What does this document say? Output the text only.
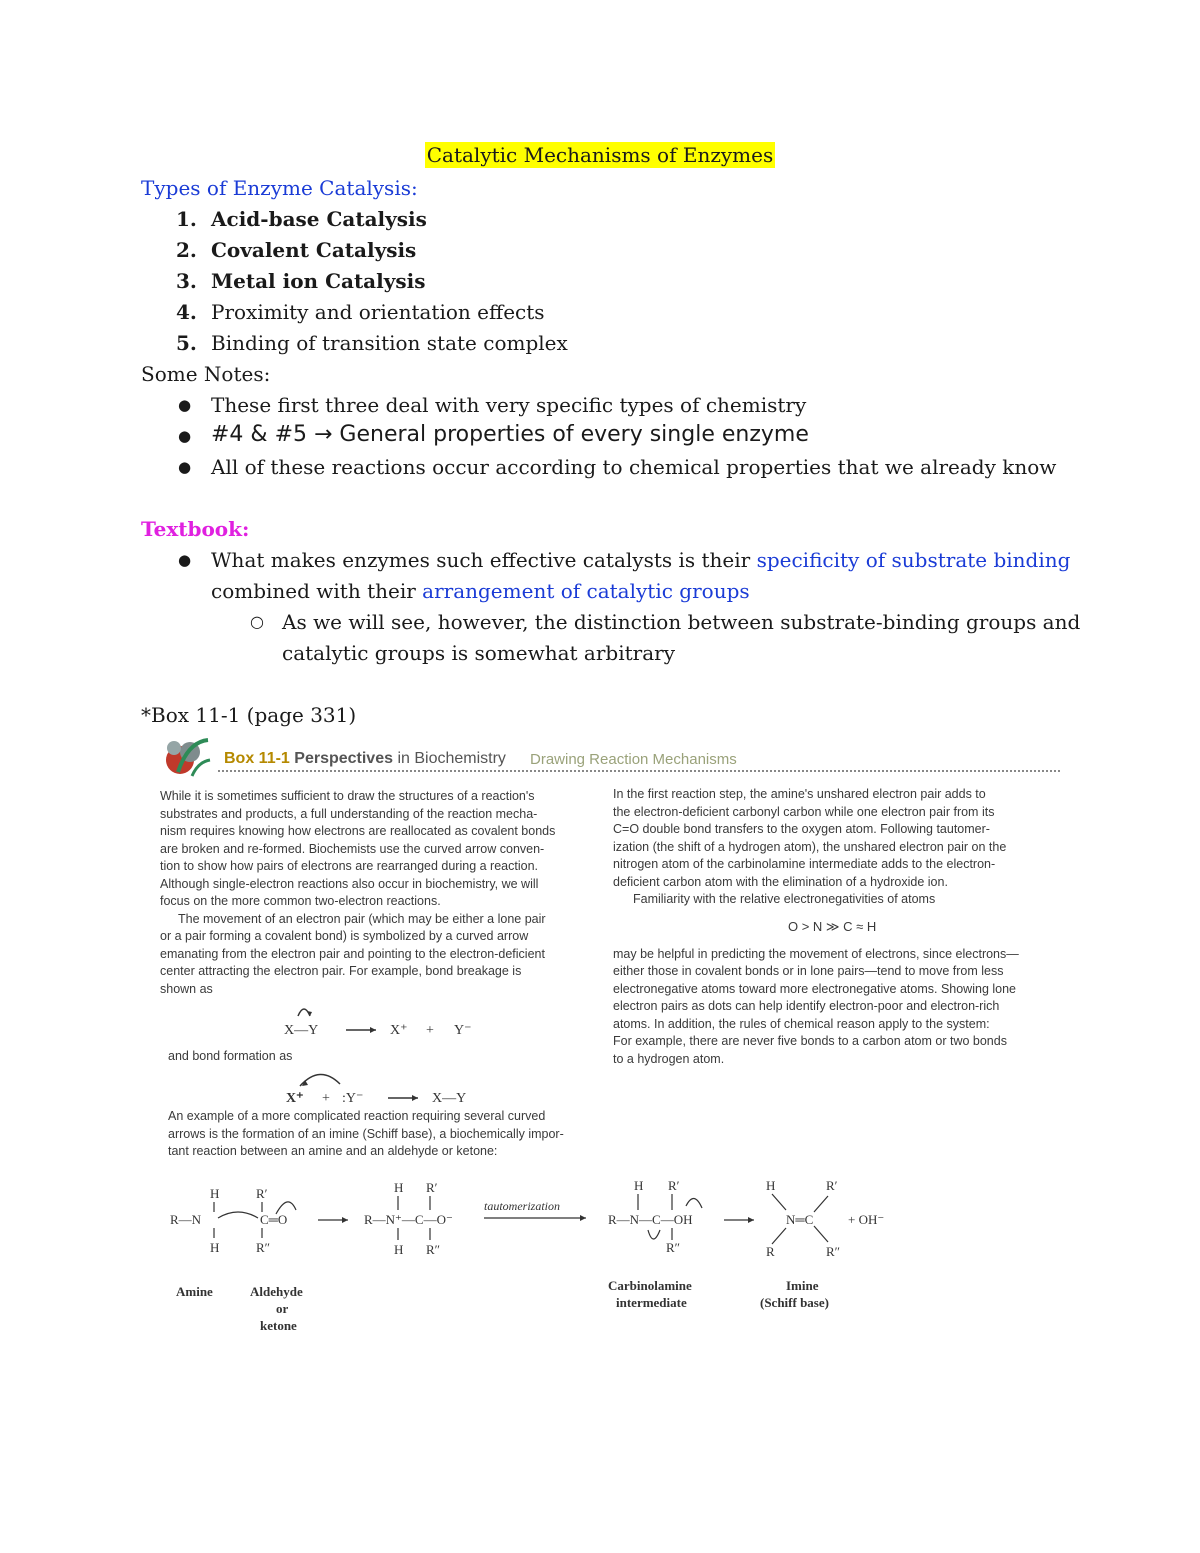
Catalytic Mechanisms of Enzymes
Types of Enzyme Catalysis:
1. Acid-base Catalysis
2. Covalent Catalysis
3. Metal ion Catalysis
4. Proximity and orientation effects
5. Binding of transition state complex
Some Notes:
● These first three deal with very specific types of chemistry
● #4 & #5 → General properties of every single enzyme
● All of these reactions occur according to chemical properties that we already know
Textbook:
● What makes enzymes such effective catalysts is their specificity of substrate binding
combined with their arrangement of catalytic groups
○ As we will see, however, the distinction between substrate-binding groups and
catalytic groups is somewhat arbitrary
*Box 11-1 (page 331)
Box 11-1 Perspectives in Biochemistry Drawing Reaction Mechanisms
While it is sometimes sufficient to draw the structures of a reaction's
substrates and products, a full understanding of the reaction mecha-
nism requires knowing how electrons are reallocated as covalent bonds
are broken and re-formed. Biochemists use the curved arrow conven-
tion to show how pairs of electrons are rearranged during a reaction.
Although single-electron reactions also occur in biochemistry, we will
focus on the more common two-electron reactions.
The movement of an electron pair (which may be either a lone pair
or a pair forming a covalent bond) is symbolized by a curved arrow
emanating from the electron pair and pointing to the electron-deficient
center attracting the electron pair. For example, bond breakage is
shown as
X—Y	X⁺ + Y⁻
and bond formation as
X⁺ + :Y⁻	X—Y
An example of a more complicated reaction requiring several curved
arrows is the formation of an imine (Schiff base), a biochemically impor-
tant reaction between an amine and an aldehyde or ketone:
In the first reaction step, the amine's unshared electron pair adds to
the electron-deficient carbonyl carbon while one electron pair from its
C=O double bond transfers to the oxygen atom. Following tautomer-
ization (the shift of a hydrogen atom), the unshared electron pair on the
nitrogen atom of the carbinolamine intermediate adds to the electron-
deficient carbon atom with the elimination of a hydroxide ion.
Familiarity with the relative electronegativities of atoms
O > N ≫ C ≈ H
may be helpful in predicting the movement of electrons, since electrons—
either those in covalent bonds or in lone pairs—tend to move from less
electronegative atoms toward more electronegative atoms. Showing lone
electron pairs as dots can help identify electron-poor and electron-rich
atoms. In addition, the rules of chemical reason apply to the system:
For example, there are never five bonds to a carbon atom or two bonds
to a hydrogen atom.
H
R—N
H
R′
C═O
R″
H R′
R—N⁺—C—O⁻
H R″
tautomerization
H R′
R—N—C—OH
R″
H	R′
N═C
R	R″
+ OH⁻
Amine	Aldehyde
or
ketone
Carbinolamine
intermediate
Imine
(Schiff base)
